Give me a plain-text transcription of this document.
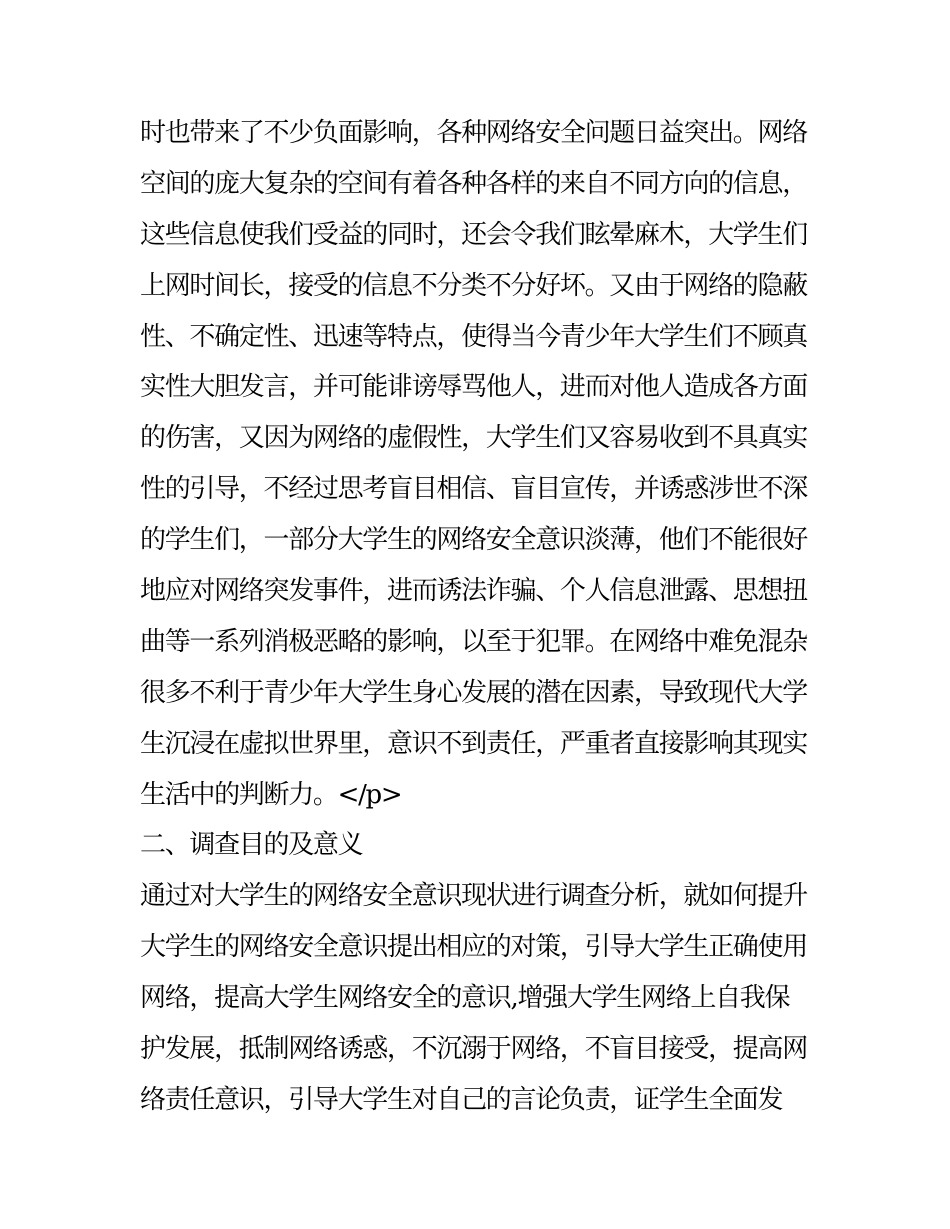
时也带来了不少负面影响，各种网络安全问题日益突出。网络
空间的庞大复杂的空间有着各种各样的来自不同方向的信息，
这些信息使我们受益的同时，还会令我们眩晕麻木，大学生们
上网时间长，接受的信息不分类不分好坏。又由于网络的隐蔽
性、不确定性、迅速等特点，使得当今青少年大学生们不顾真
实性大胆发言，并可能诽谤辱骂他人，进而对他人造成各方面
的伤害，又因为网络的虚假性，大学生们又容易收到不具真实
性的引导，不经过思考盲目相信、盲目宣传，并诱惑涉世不深
的学生们，一部分大学生的网络安全意识淡薄，他们不能很好
地应对网络突发事件，进而诱法诈骗、个人信息泄露、思想扭
曲等一系列消极恶略的影响，以至于犯罪。在网络中难免混杂
很多不利于青少年大学生身心发展的潜在因素，导致现代大学
生沉浸在虚拟世界里，意识不到责任，严重者直接影响其现实
生活中的判断力。</p>
二、调查目的及意义
通过对大学生的网络安全意识现状进行调查分析，就如何提升
大学生的网络安全意识提出相应的对策，引导大学生正确使用
网络，提高大学生网络安全的意识,增强大学生网络上自我保
护发展，抵制网络诱惑，不沉溺于网络，不盲目接受，提高网
络责任意识，引导大学生对自己的言论负责，证学生全面发
